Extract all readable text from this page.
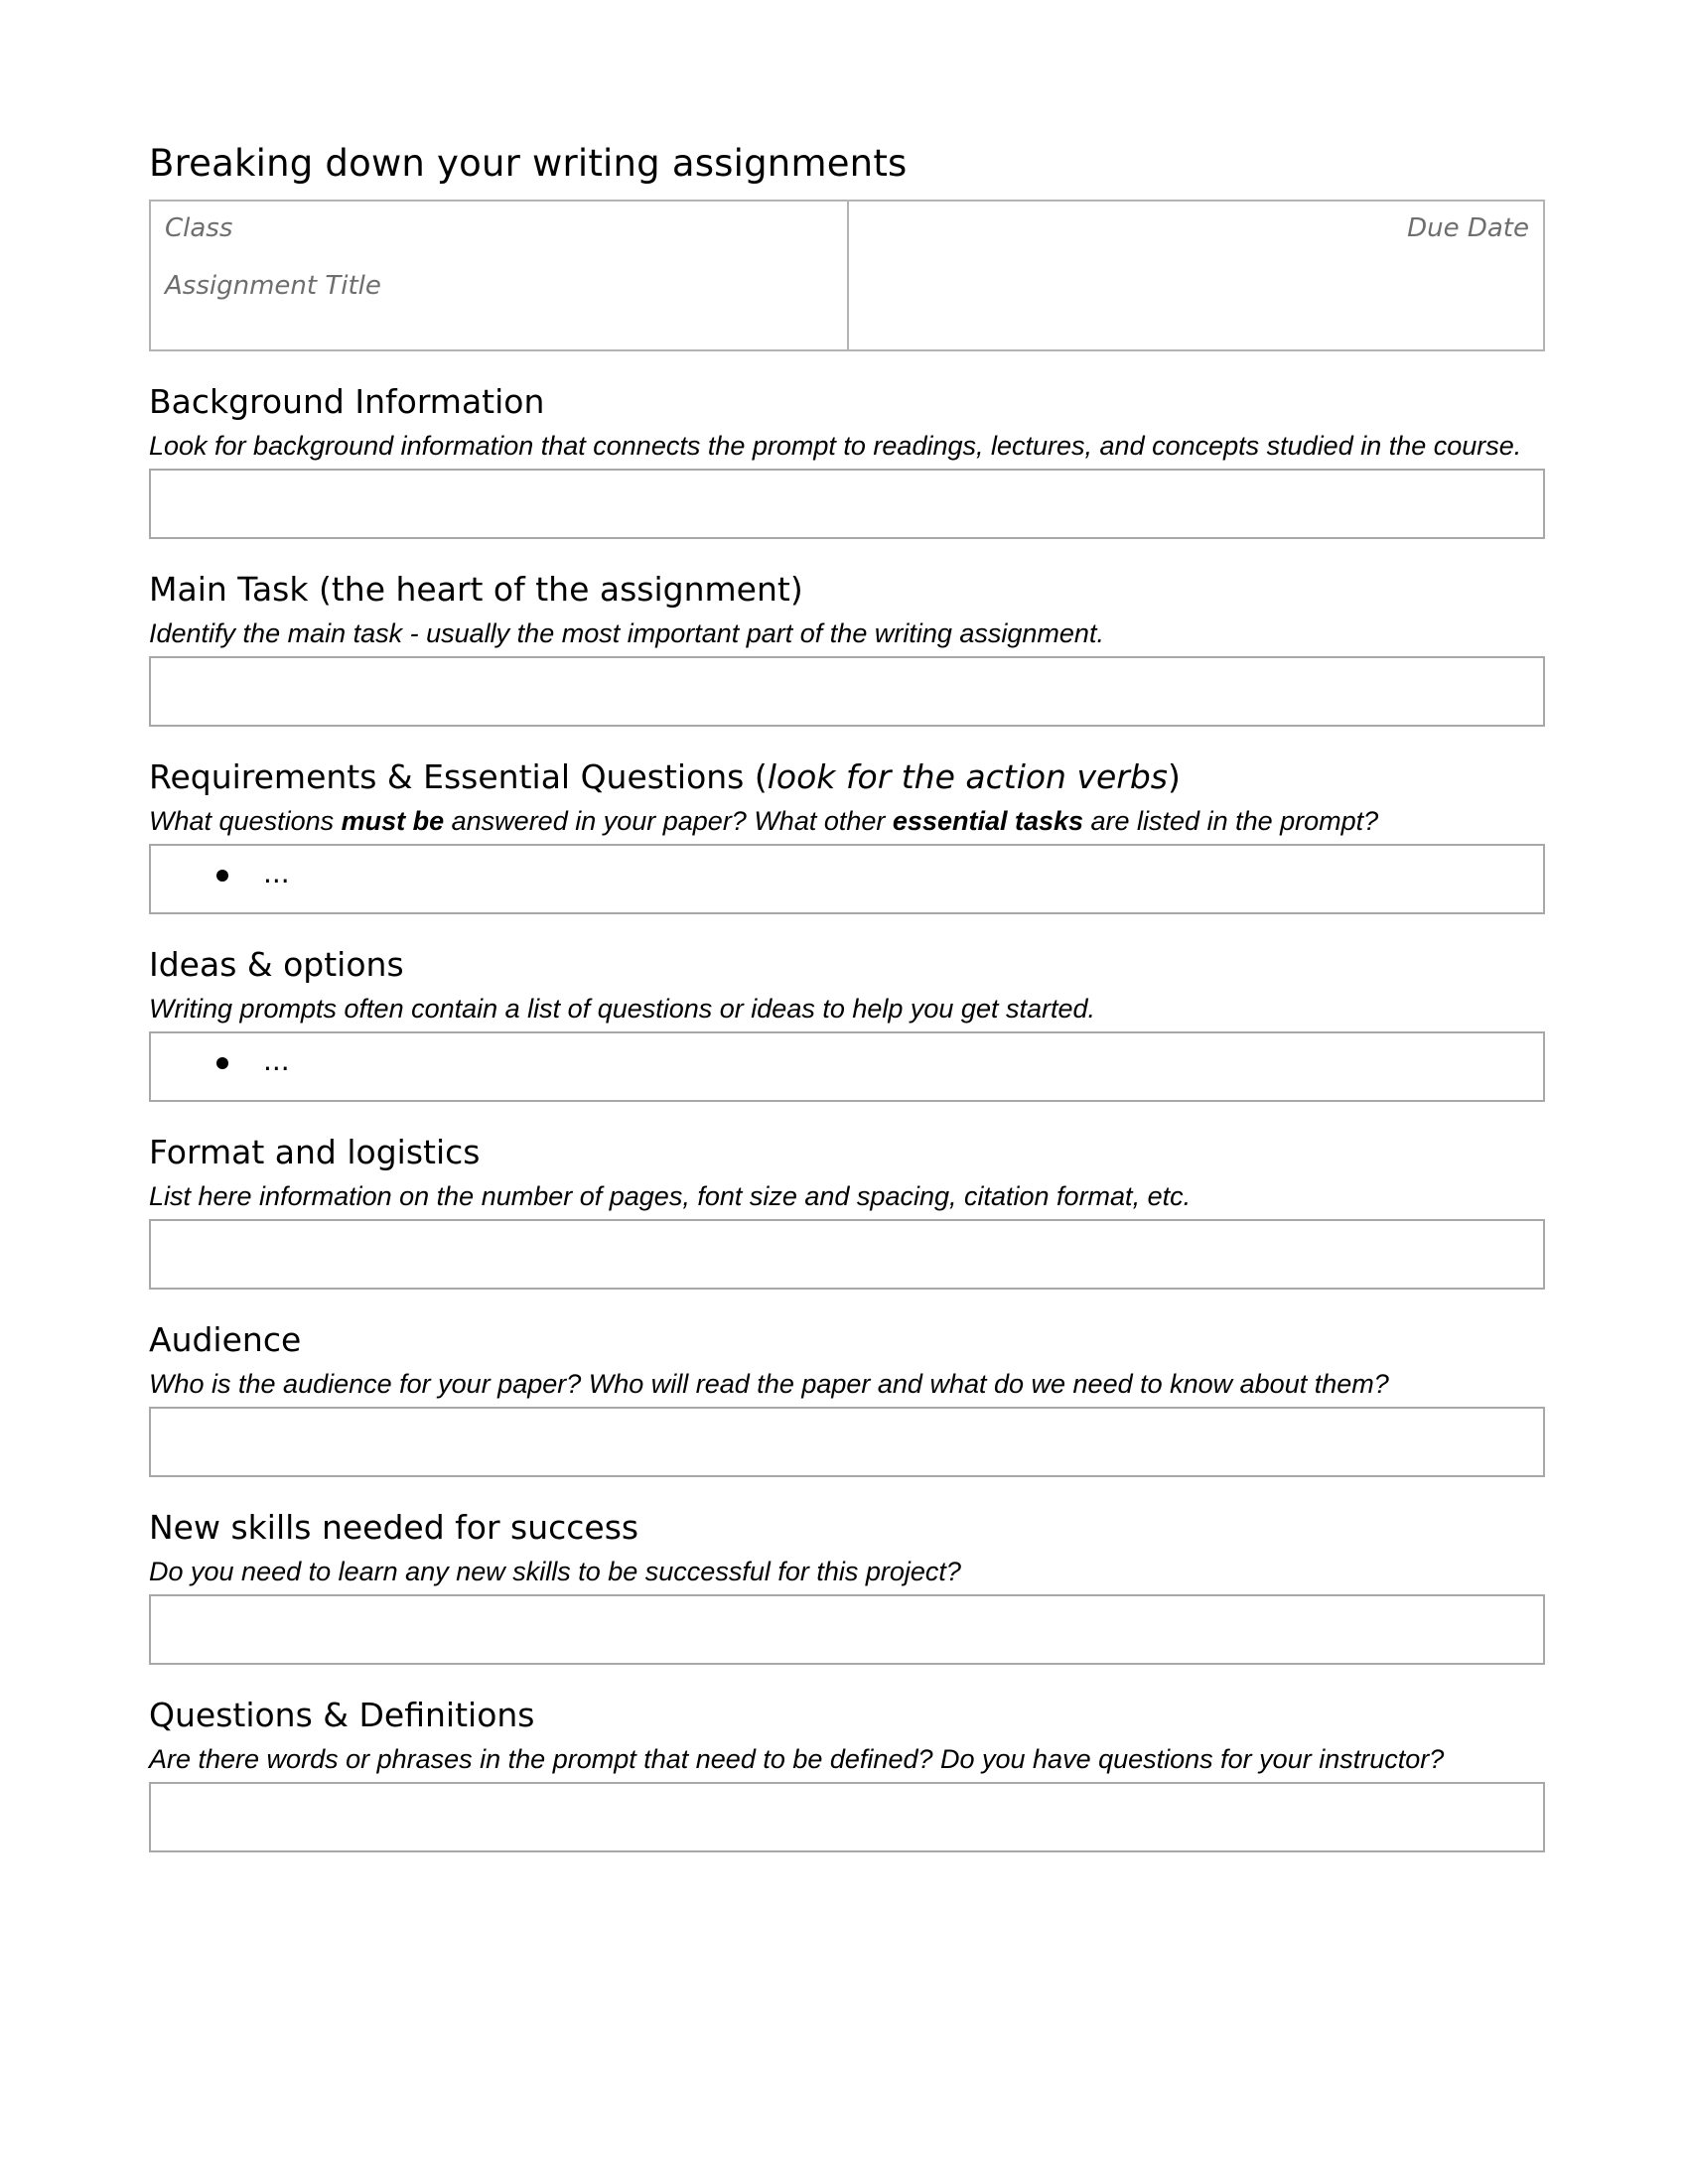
Breaking down your writing assignments
Class
Assignment Title
Due Date
Background Information

Look for background information that connects the prompt to readings, lectures, and concepts studied in the course.

Main Task (the heart of the assignment)

Identify the main task - usually the most important part of the writing assignment.

Requirements & Essential Questions (look for the action verbs)

What questions must be answered in your paper? What other essential tasks are listed in the prompt?

...
Ideas & options

Writing prompts often contain a list of questions or ideas to help you get started.

...
Format and logistics

List here information on the number of pages, font size and spacing, citation format, etc.

Audience

Who is the audience for your paper? Who will read the paper and what do we need to know about them?

New skills needed for success

Do you need to learn any new skills to be successful for this project?

Questions & Definitions

Are there words or phrases in the prompt that need to be defined? Do you have questions for your instructor?
